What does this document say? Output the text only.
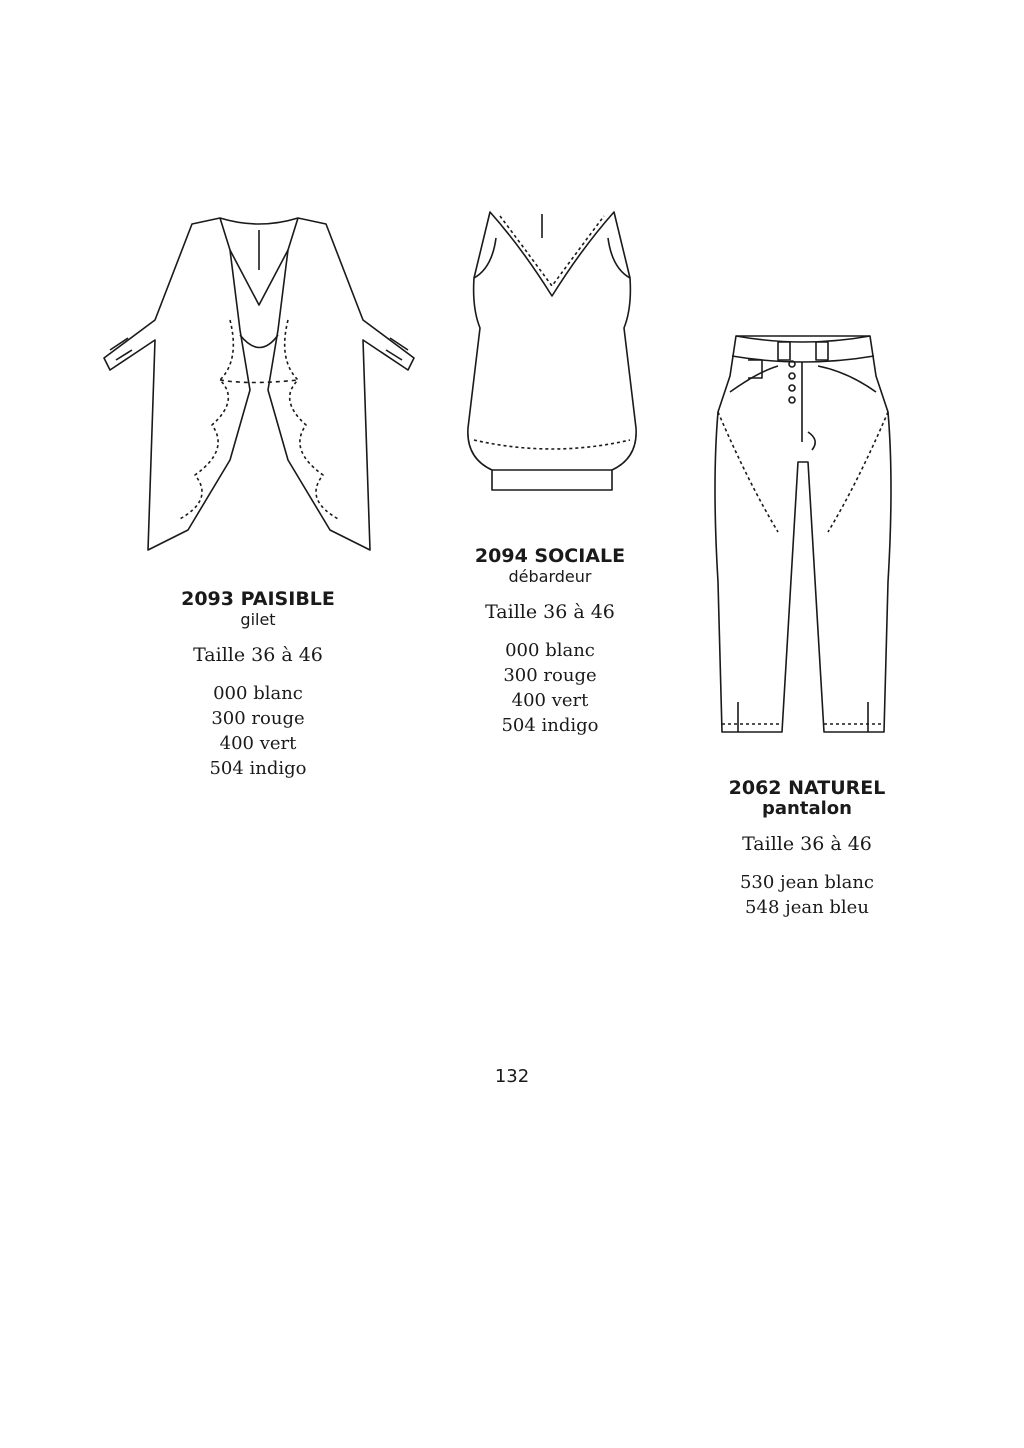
2093 PAISIBLE
gilet
Taille 36 à 46
000 blanc
300 rouge
400 vert
504 indigo
2094 SOCIALE
débardeur
Taille 36 à 46
000 blanc
300 rouge
400 vert
504 indigo
2062 NATUREL
pantalon
Taille 36 à 46
530 jean blanc
548 jean bleu
132
